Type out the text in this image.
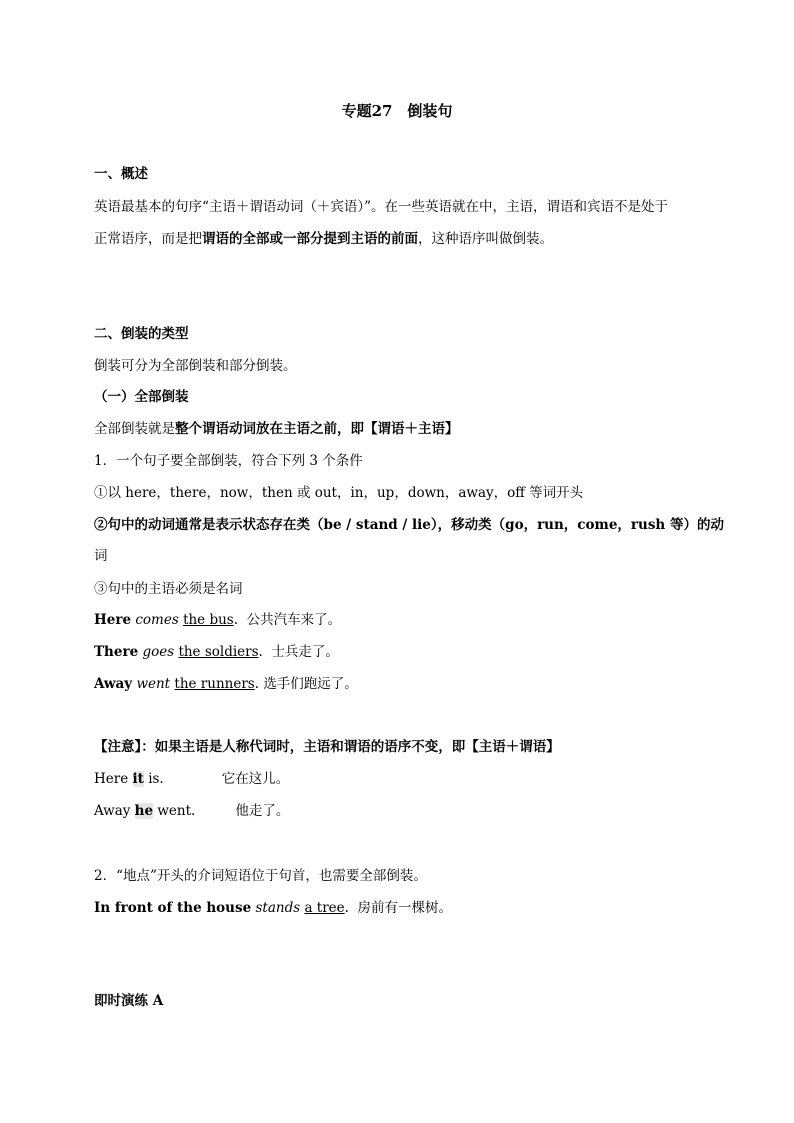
专题27　倒装句
一、概述
英语最基本的句序“主语＋谓语动词（＋宾语）”。在一些英语就在中，主语，谓语和宾语不是处于
正常语序，而是把谓语的全部或一部分提到主语的前面，这种语序叫做倒装。
二、倒装的类型
倒装可分为全部倒装和部分倒装。
（一）全部倒装
全部倒装就是整个谓语动词放在主语之前，即【谓语＋主语】
1．一个句子要全部倒装，符合下列 3 个条件
①以 here，there，now，then 或 out，in，up，down，away，off 等词开头
②句中的动词通常是表示状态存在类（be / stand / lie），移动类（go，run，come，rush 等）的动
词
③句中的主语必须是名词
Here comes the bus. 公共汽车来了。
There goes the soldiers. 士兵走了。
Away went the runners. 选手们跑远了。
【注意】：如果主语是人称代词时，主语和谓语的语序不变，即【主语＋谓语】
Here it is.	它在这儿。
Away he went.	他走了。
2．“地点”开头的介词短语位于句首，也需要全部倒装。
In front of the house stands a tree. 房前有一棵树。
即时演练 A
